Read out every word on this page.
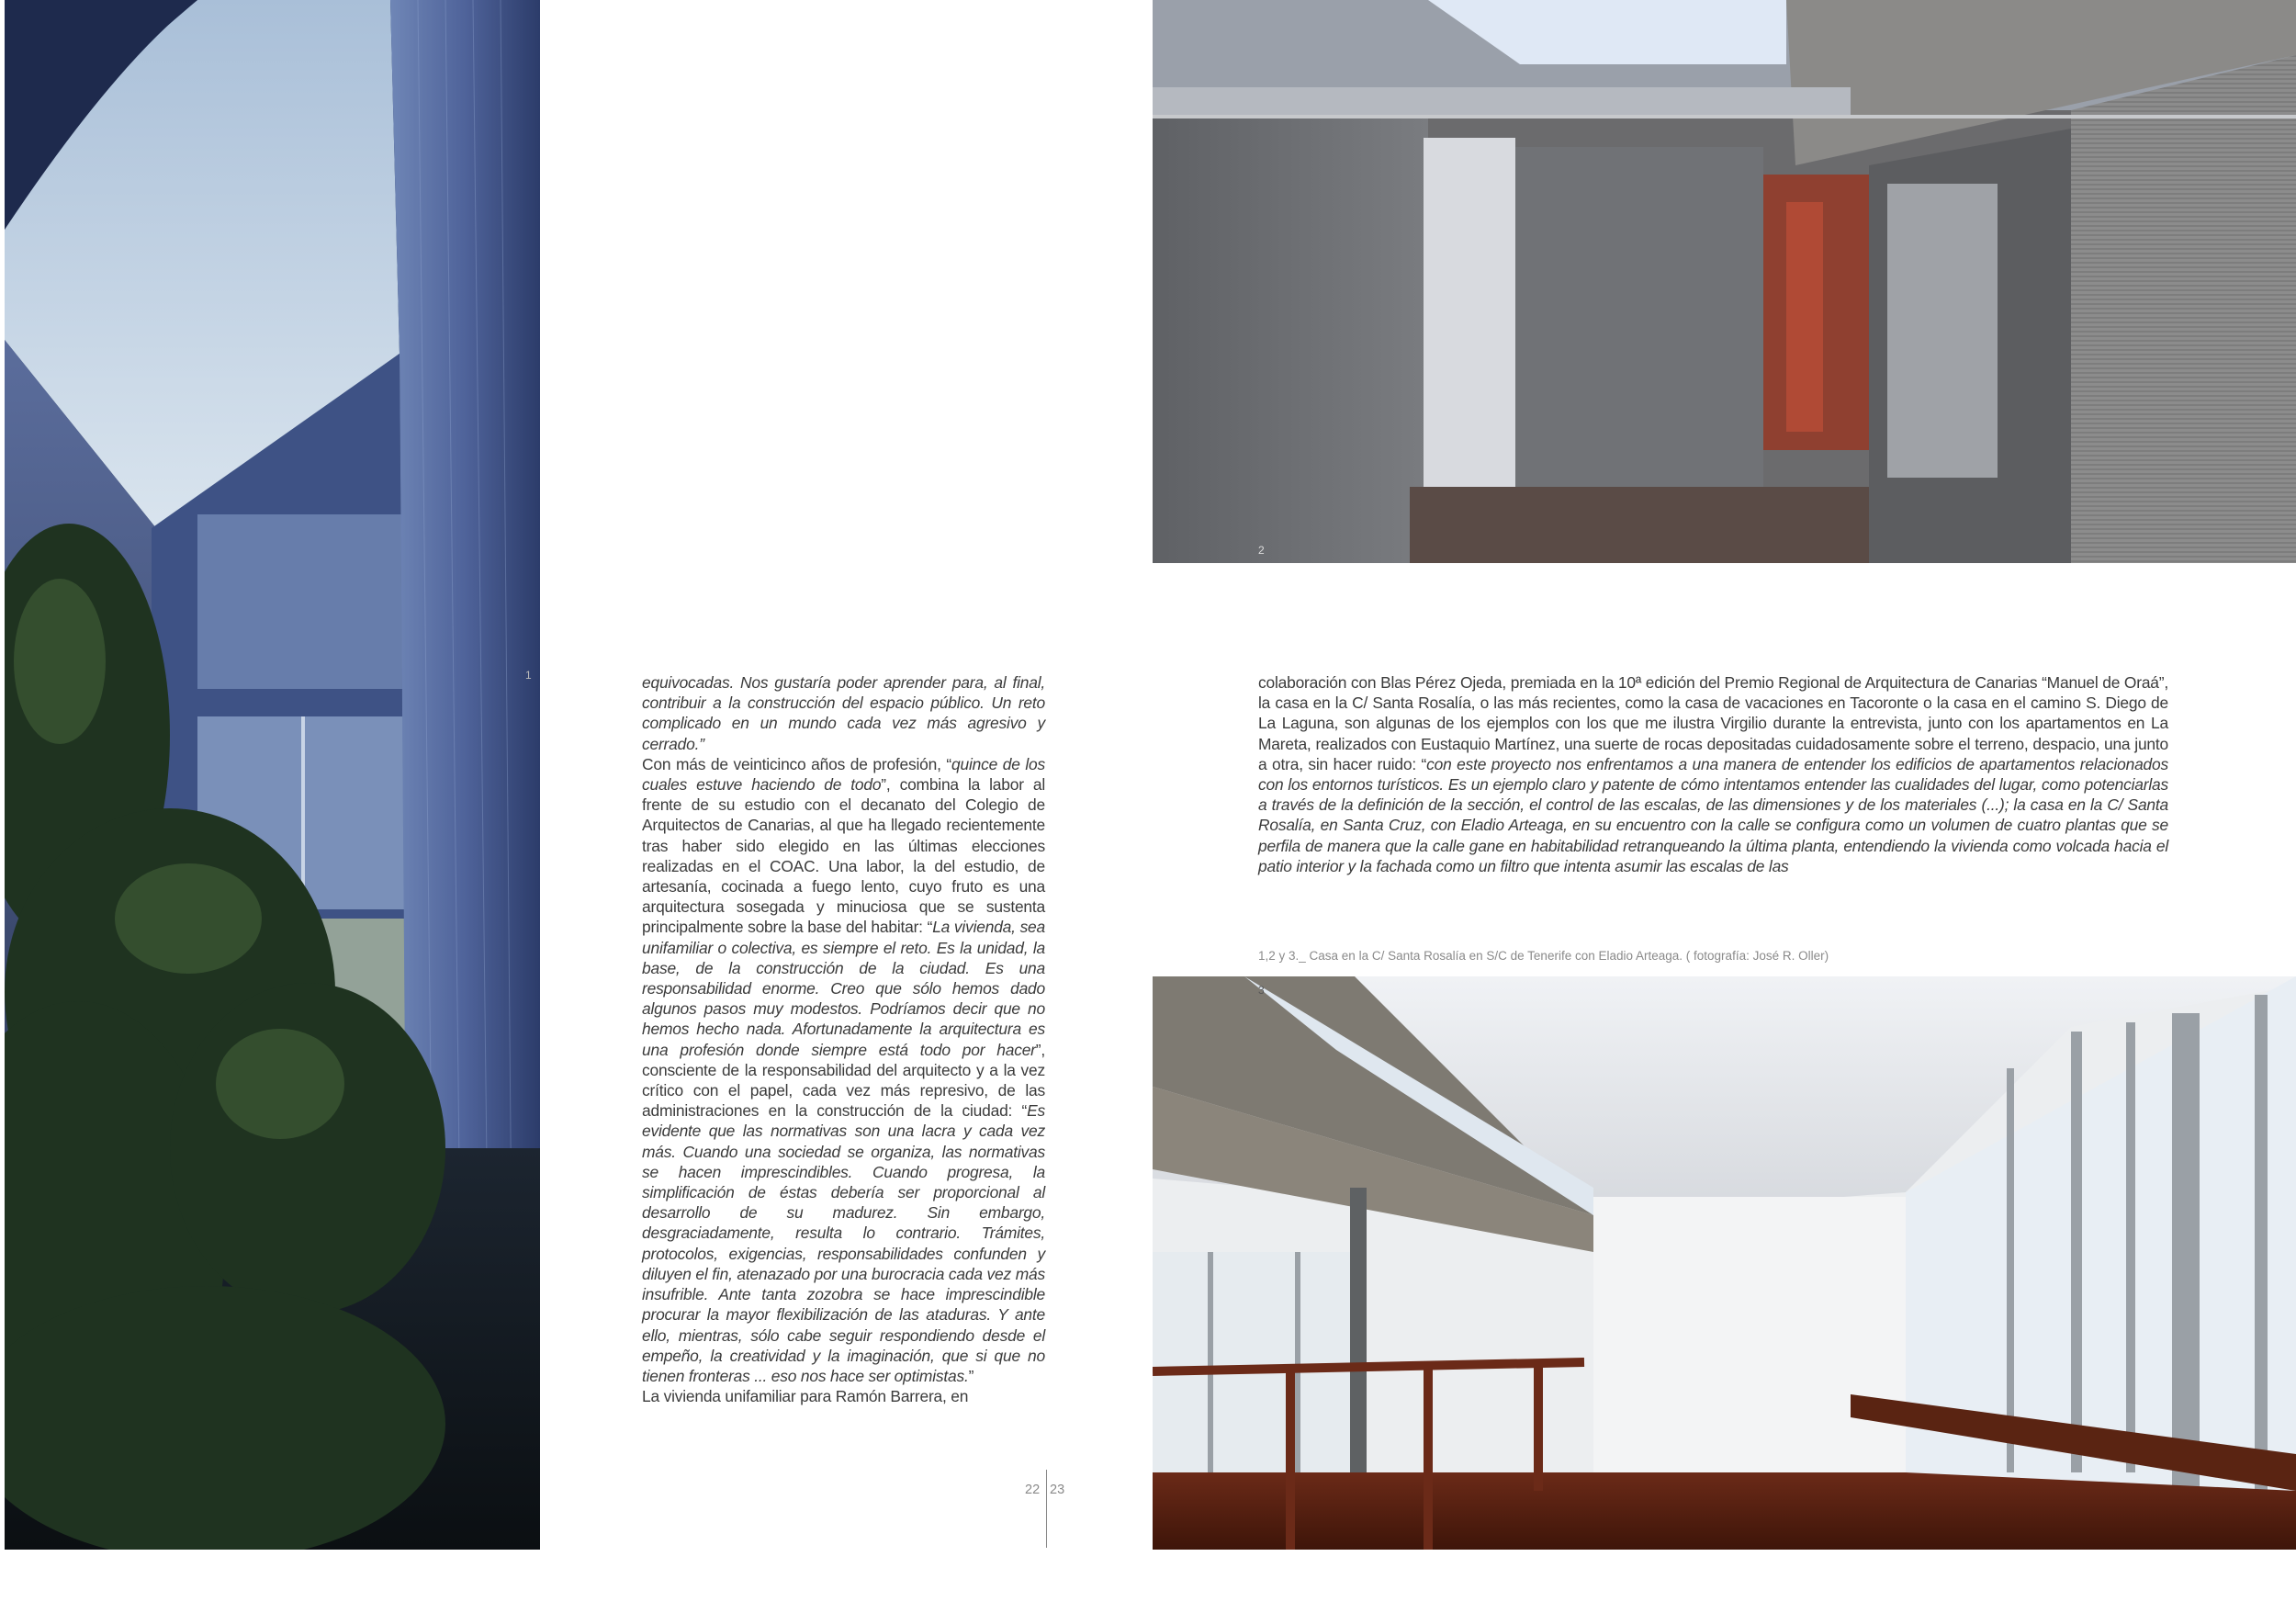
1	equivocadas. Nos gustaría poder aprender para, al final, contribuir a la construcción del espacio público. Un reto complicado en un mundo cada vez más agresivo y cerrado.”

Con más de veinticinco años de profesión, “quince de los cuales estuve haciendo de todo”, combina la labor al frente de su estudio con el decanato del Colegio de Arquitectos de Canarias, al que ha llegado recientemente tras haber sido elegido en las últimas elecciones realizadas en el COAC. Una labor, la del estudio, de artesanía, cocinada a fuego lento, cuyo fruto es una arquitectura sosegada y minuciosa que se sustenta principalmente sobre la base del habitar: “La vivienda, sea unifamiliar o colectiva, es siempre el reto. Es la unidad, la base, de la construcción de la ciudad. Es una responsabilidad enorme. Creo que sólo hemos dado algunos pasos muy modestos. Podríamos decir que no hemos hecho nada. Afortunadamente la arquitectura es una profesión donde siempre está todo por hacer”, consciente de la responsabilidad del arquitecto y a la vez crítico con el papel, cada vez más represivo, de las administraciones en la construcción de la ciudad: “Es evidente que las normativas son una lacra y cada vez más. Cuando una sociedad se organiza, las normativas se hacen imprescindibles. Cuando progresa, la simplificación de éstas debería ser proporcional al desarrollo de su madurez. Sin embargo, desgraciadamente, resulta lo contrario. Trámites, protocolos, exigencias, responsabilidades confunden y diluyen el fin, atenazado por una burocracia cada vez más insufrible. Ante tanta zozobra se hace imprescindible procurar la mayor flexibilización de las ataduras. Y ante ello, mientras, sólo cabe seguir respondiendo desde el empeño, la creatividad y la imaginación, que si que no tienen fronteras ... eso nos hace ser optimistas.”

La vivienda unifamiliar para Ramón Barrera, en

22 23
2

colaboración con Blas Pérez Ojeda, premiada en la 10ª edición del Premio Regional de Arquitectura de Canarias “Manuel de Oraá”, la casa en la C/ Santa Rosalía, o las más recientes, como la casa de vacaciones en Tacoronte o la casa en el camino S. Diego de La Laguna, son algunas de los ejemplos con los que me ilustra Virgilio durante la entrevista, junto con los apartamentos en La Mareta, realizados con Eustaquio Martínez, una suerte de rocas depositadas cuidadosamente sobre el terreno, despacio, una junto a otra, sin hacer ruido: “con este proyecto nos enfrentamos a una manera de entender los edificios de apartamentos relacionados con los entornos turísticos. Es un ejemplo claro y patente de cómo intentamos entender las cualidades del lugar, como potenciarlas a través de la definición de la sección, el control de las escalas, de las dimensiones y de los materiales (...); la casa en la C/ Santa Rosalía, en Santa Cruz, con Eladio Arteaga, en su encuentro con la calle se configura como un volumen de cuatro plantas que se perfila de manera que la calle gane en habitabilidad retranqueando la última planta, entendiendo la vivienda como volcada hacia el patio interior y la fachada como un filtro que intenta asumir las escalas de las

1,2 y 3._ Casa en la C/ Santa Rosalía en S/C de Tenerife con Eladio Arteaga. ( fotografía: José R. Oller)
3
